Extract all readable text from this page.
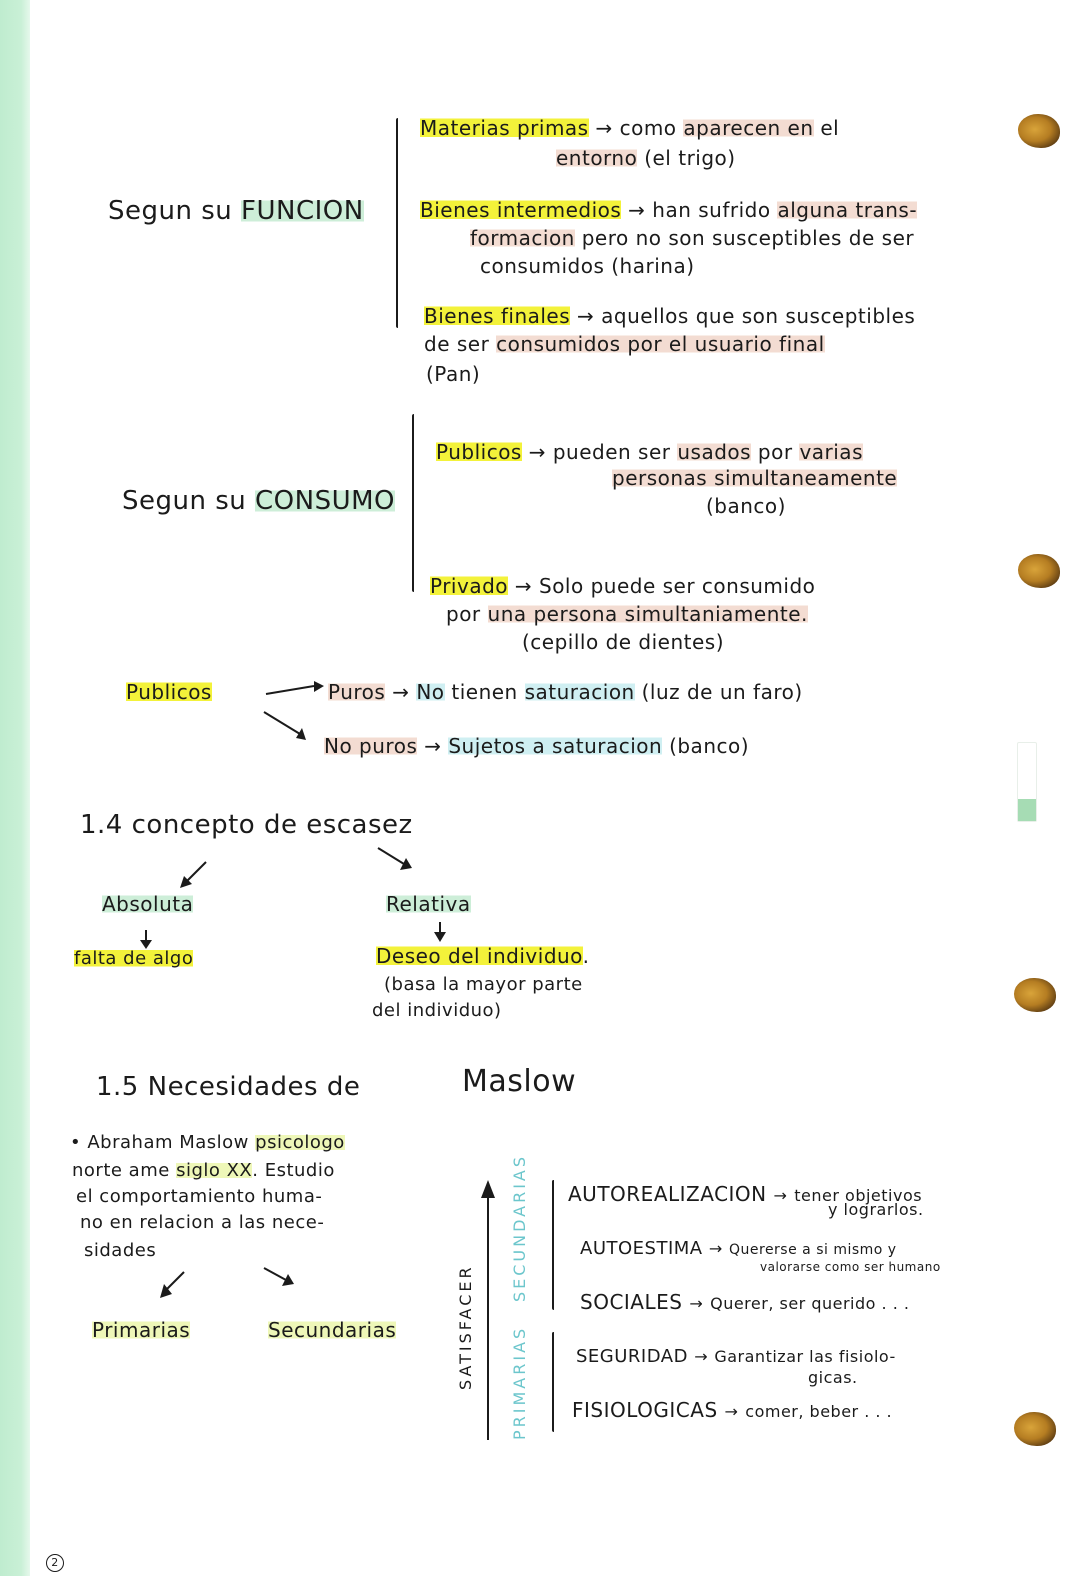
Segun su FUNCION
Materias primas → como aparecen en el
entorno (el trigo)
Bienes intermedios → han sufrido alguna trans-
formacion pero no son susceptibles de ser
consumidos (harina)
Bienes finales → aquellos que son susceptibles
de ser consumidos por el usuario final
(Pan)
Segun su CONSUMO
Publicos → pueden ser usados por varias
personas simultaneamente
(banco)
Privado → Solo puede ser consumido
por una persona simultaniamente.
(cepillo de dientes)
Publicos	Puros → No tienen saturacion (luz de un faro)
No puros → Sujetos a saturacion (banco)
1.4 concepto de escasez
Absoluta	Relativa
falta de algo	Deseo del individuo.
(basa la mayor parte
del individuo)
1.5 Necesidades de	Maslow
• Abraham Maslow psicologo
norte ame siglo XX. Estudio
el comportamiento huma-
no en relacion a las nece-
sidades
Primarias	Secundarias	SATISFACER
SECUNDARIAS
PRIMARIAS
AUTOREALIZACION → tener objetivos
y lograrlos.
AUTOESTIMA → Quererse a si mismo y
valorarse como ser humano
SOCIALES → Querer, ser querido . . .
SEGURIDAD → Garantizar las fisiolo-
gicas.
FISIOLOGICAS → comer, beber . . .
2
